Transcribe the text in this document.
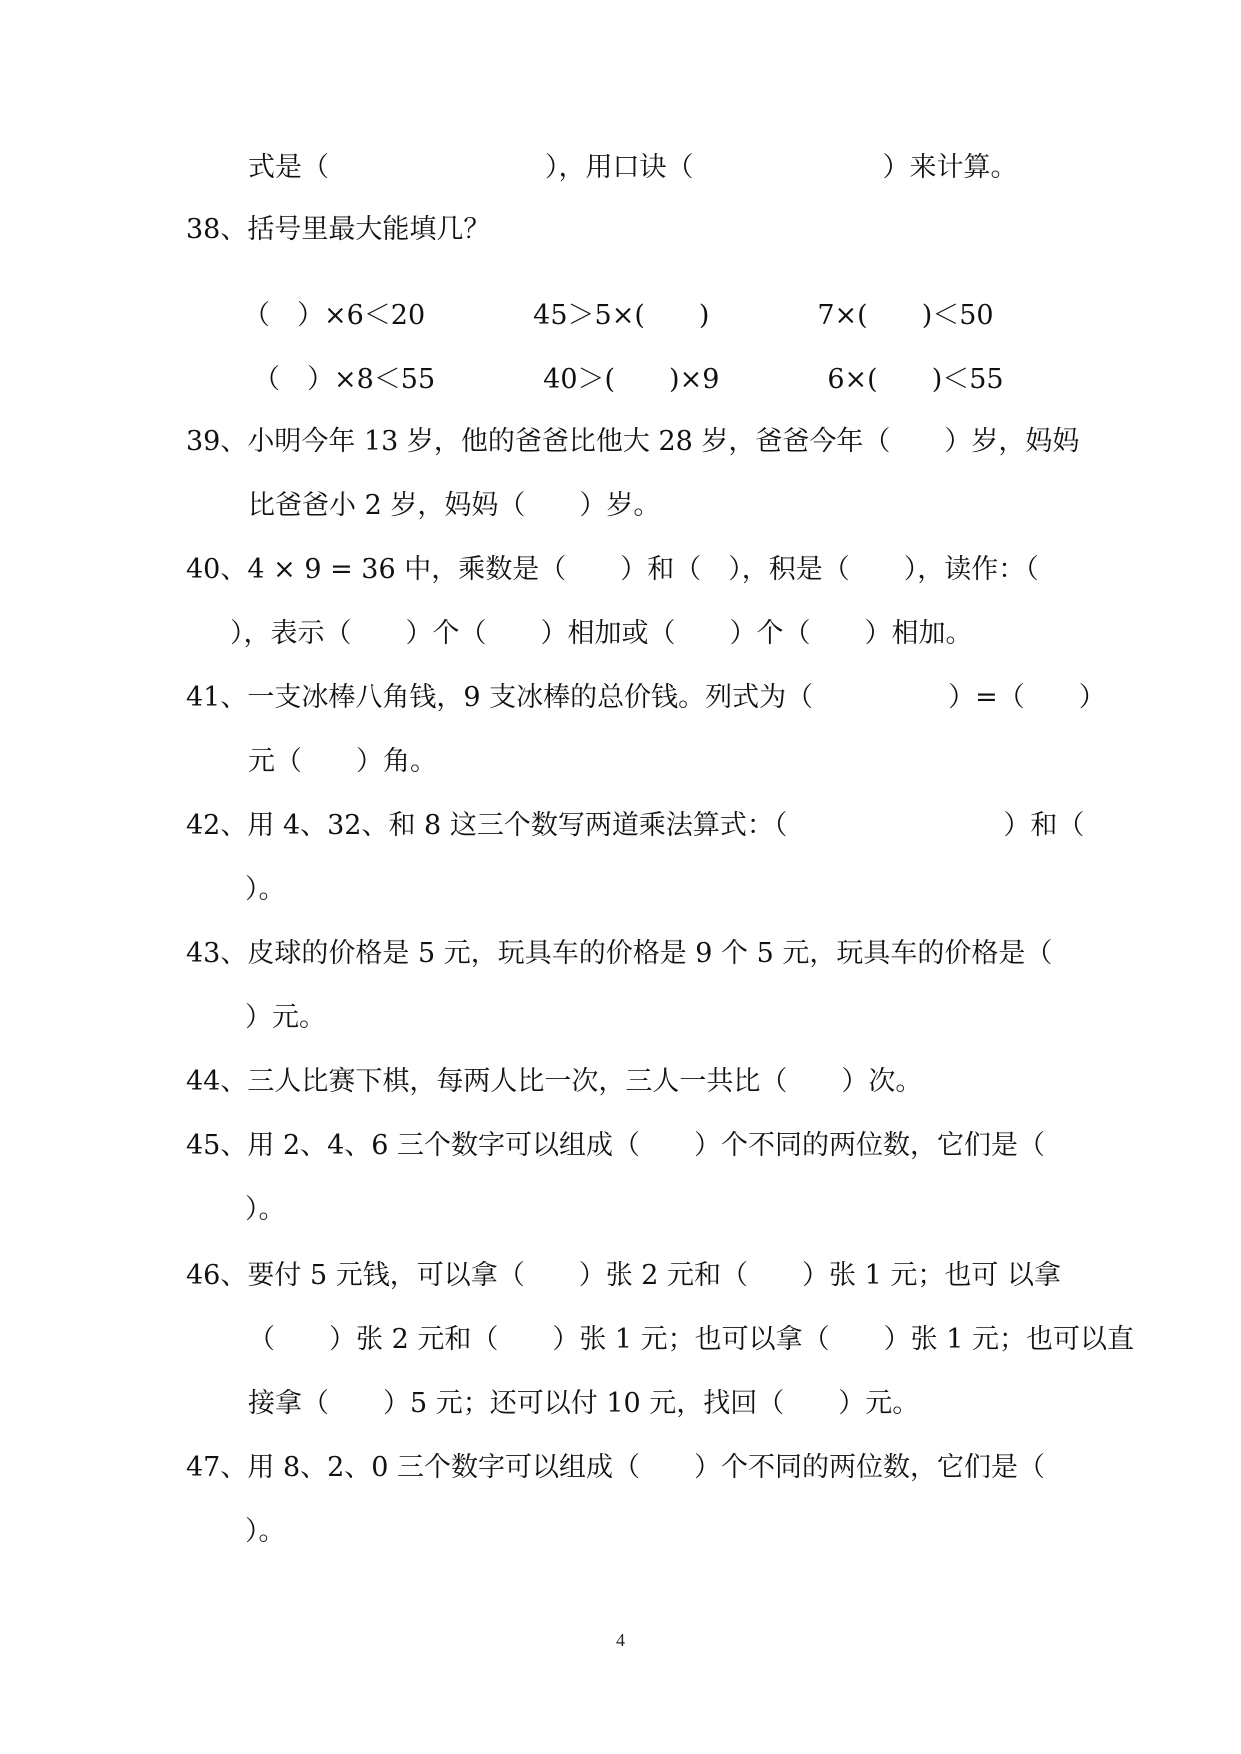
式是（　　　　　　　　），用口诀（　　　　　　　）来计算。
38、括号里最大能填几？
（　）×6＜20　　　　45＞5×(　　)　　　　7×(　　)＜50
（　）×8＜55　　　　40＞(　　)×9　　　　6×(　　)＜55
39、小明今年 13 岁，他的爸爸比他大 28 岁，爸爸今年（　　）岁，妈妈
比爸爸小 2 岁，妈妈（　　）岁。
40、4 × 9 = 36 中，乘数是（　　）和（　），积是（　　），读作：（
），表示（　　）个（　　）相加或（　　）个（　　）相加。
41、一支冰棒八角钱，9 支冰棒的总价钱。列式为（　　　　　）=（　　）
元（　　）角。
42、用 4、32、和 8 这三个数写两道乘法算式：（　　　　　　　　）和（
）。
43、皮球的价格是 5 元，玩具车的价格是 9 个 5 元，玩具车的价格是（
）元。
44、三人比赛下棋，每两人比一次，三人一共比（　　）次。
45、用 2、4、6 三个数字可以组成（　　）个不同的两位数，它们是（
）。
46、要付 5 元钱，可以拿（　　）张 2 元和（　　）张 1 元；也可 以拿
（　　）张 2 元和（　　）张 1 元；也可以拿（　　）张 1 元；也可以直
接拿（　　）5 元；还可以付 10 元，找回（　　）元。
47、用 8、2、0 三个数字可以组成（　　）个不同的两位数，它们是（
）。
4
